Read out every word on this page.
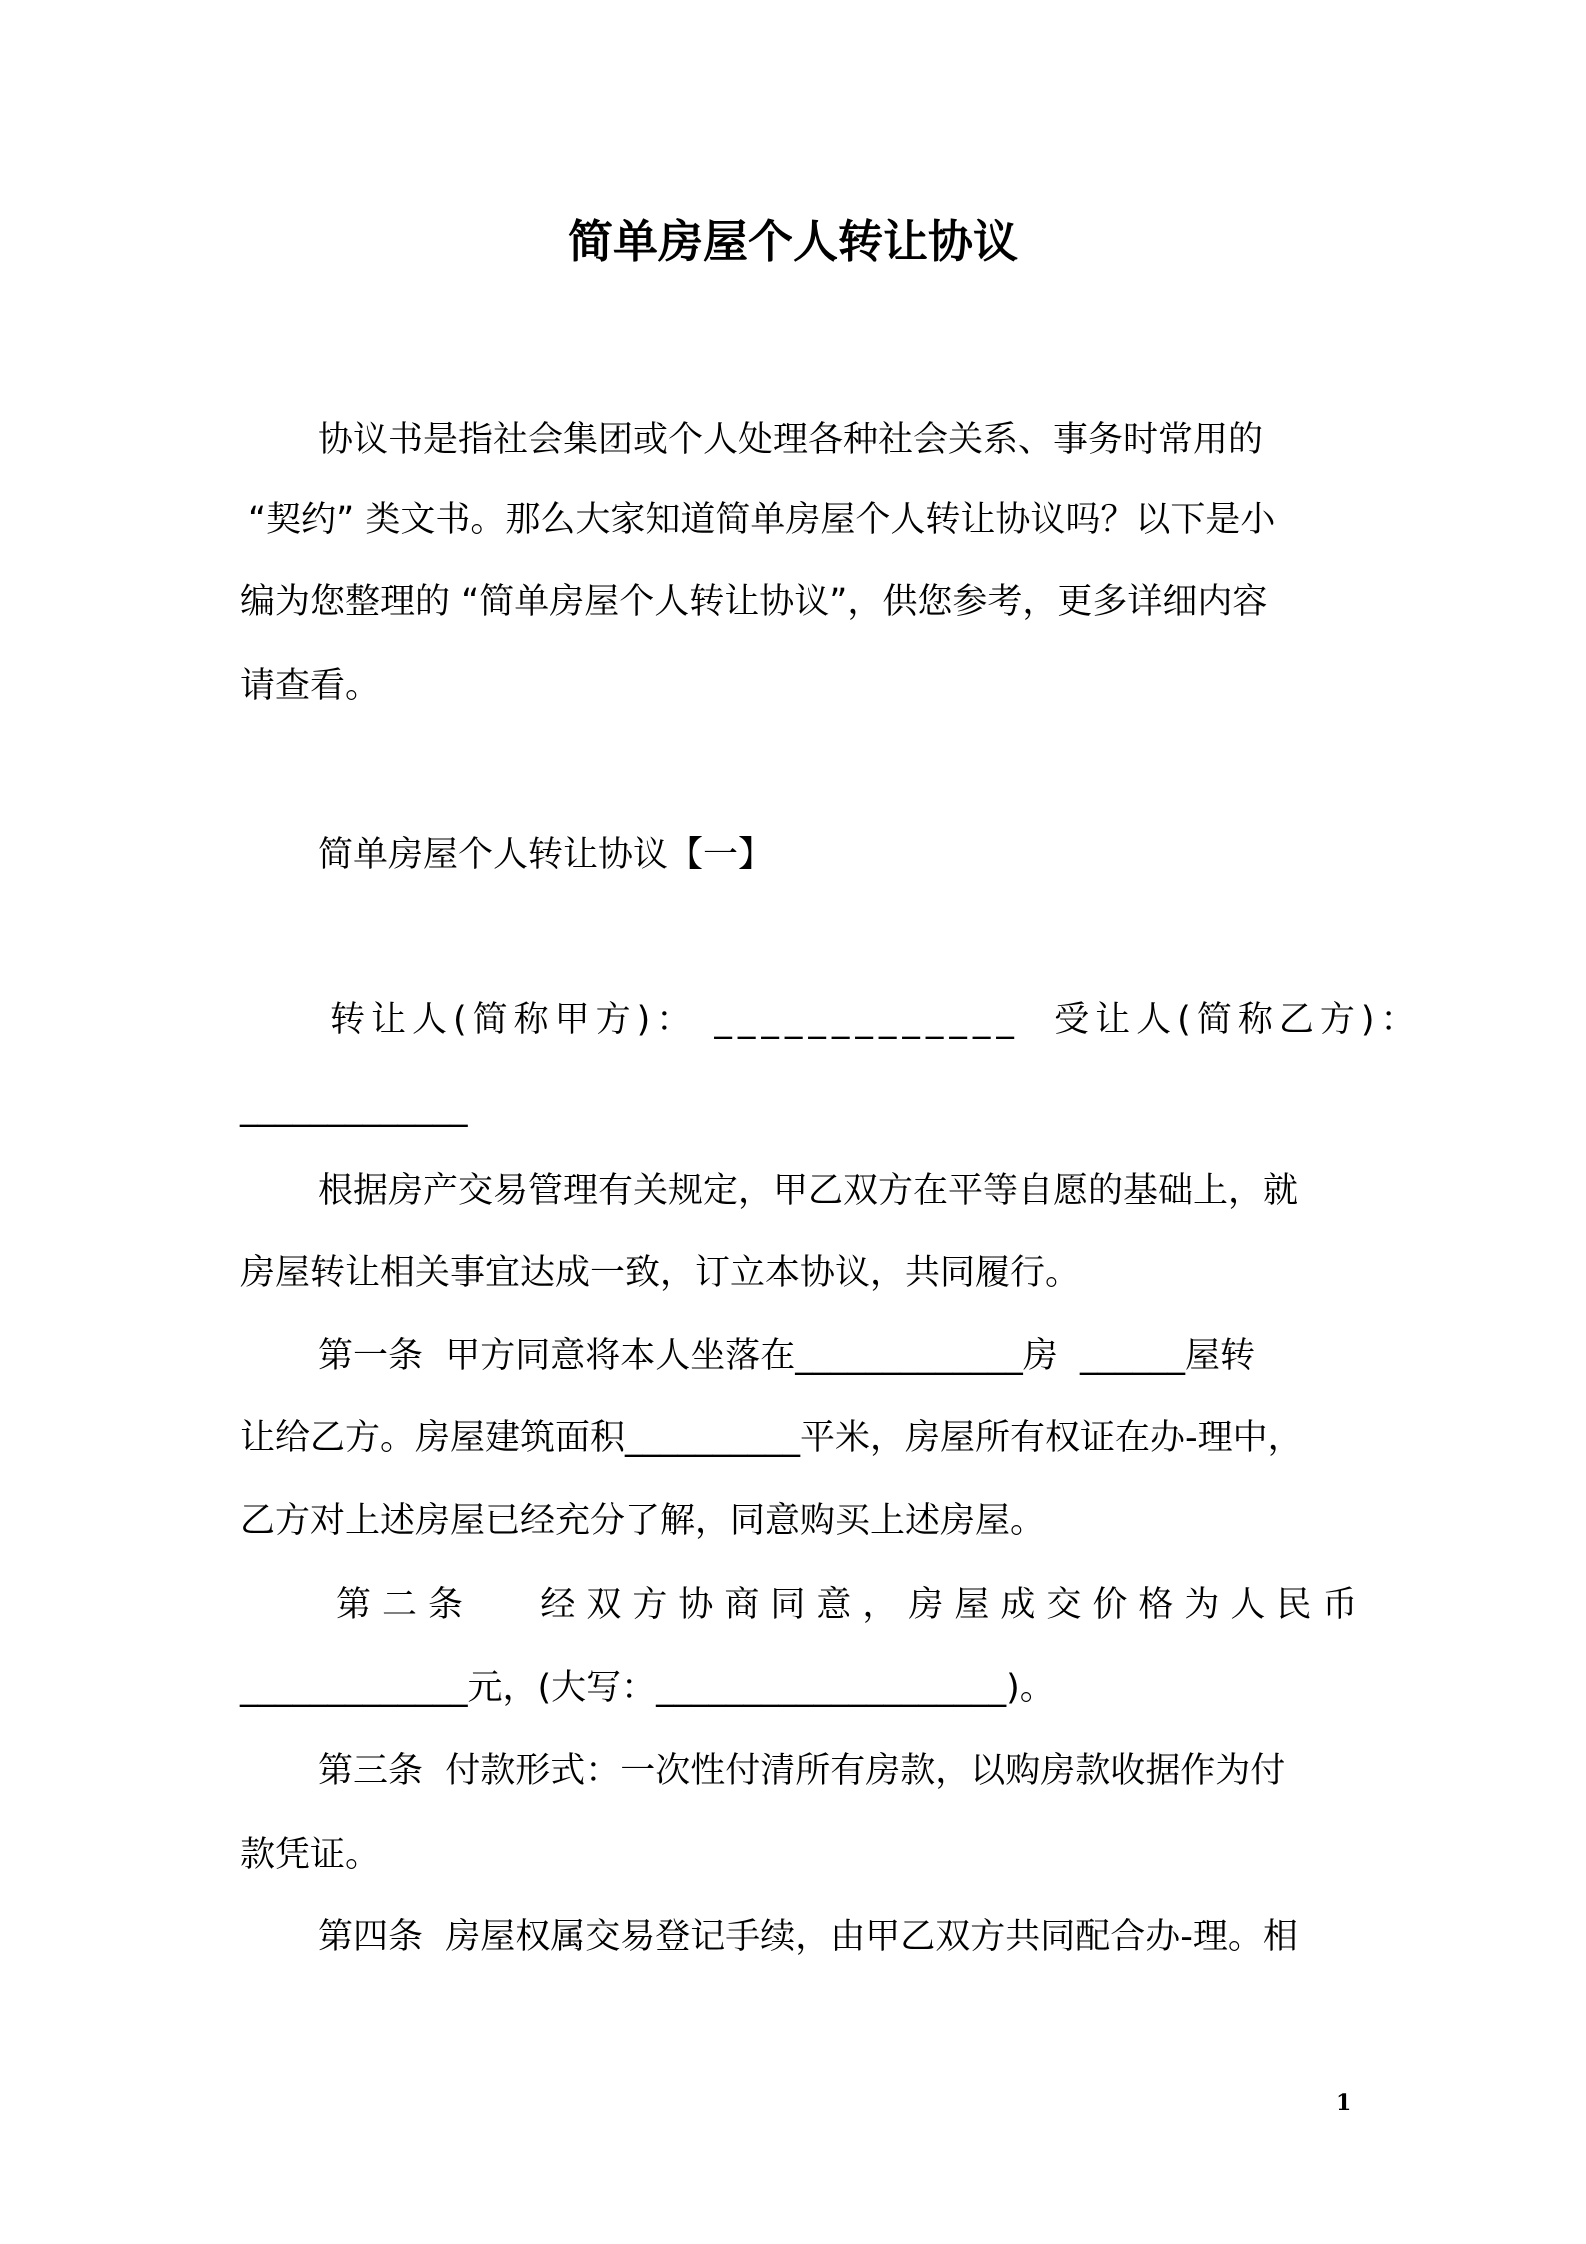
简单房屋个人转让协议
协议书是指社会集团或个人处理各种社会关系、事务时常用的
“契约” 类文书。那么大家知道简单房屋个人转让协议吗？以下是小
编为您整理的 “简单房屋个人转让协议”，供您参考，更多详细内容
请查看。
简单房屋个人转让协议【一】
转让人(简称甲方)： _____________  受让人(简称乙方)：
_____________
根据房产交易管理有关规定，甲乙双方在平等自愿的基础上，就
房屋转让相关事宜达成一致，订立本协议，共同履行。
第一条  甲方同意将本人坐落在_____________房  ______屋转
让给乙方。房屋建筑面积__________平米，房屋所有权证在办-理中，
乙方对上述房屋已经充分了解，同意购买上述房屋。
第二条   经双方协商同意，房屋成交价格为人民币
_____________元，(大写：____________________)。
第三条  付款形式：一次性付清所有房款，以购房款收据作为付
款凭证。
第四条  房屋权属交易登记手续，由甲乙双方共同配合办-理。相
1
